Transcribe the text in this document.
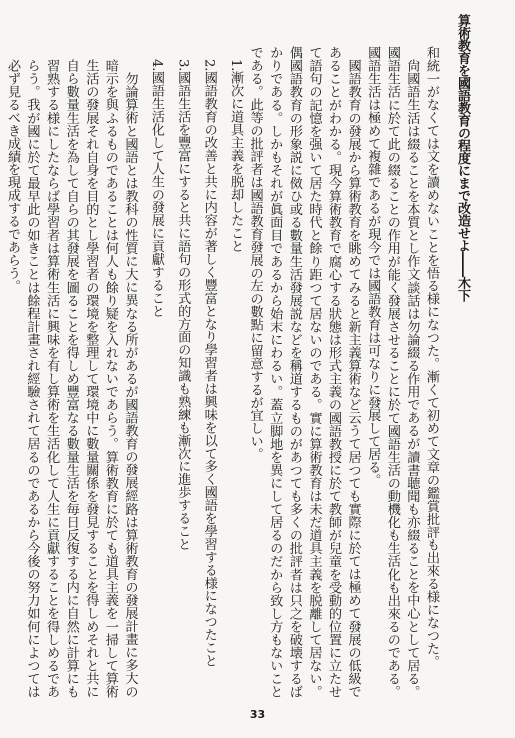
算術教育を國語教育の程度にまで改造せよ――木下

和統一がなくては文を讀めないことを悟る様になつた。漸くて初めて文章の鑑賞批評も出來る様になつた。

尙國語生活は綴ることを本質とし作文談話は勿論綴る作用であるが讀書聴聞も亦綴ることを中心として居る。國語生活に於て此の綴ることの作用が能く發展させることに於て國語生活の動機化も生活化も出來るのである。國語生活は極めて複雜であるが現今では國語教育は可なりに發展して居る。

國語教育の發展から算術教育を眺めてみると新主義算術など云うて居つても實際に於ては極めて發展の低級であることがわかる。現今算術教育で腐心する狀態は形式主義の國語教授に於て教師が兒童を受動的位置に立たせて語句の記憶を强いて居た時代と餘り距つて居ないのである。實に算術教育は未だ道具主義を脱離して居ない。偶國語教育の形象説に傚ひ或る數量生活發展説などを稱道するものがあつても多くの批評者は只之を破壊するばかりである。しかもそれが眞面目であるから始末にわるい。蓋立脚地を異にして居るのだから致し方もないことである。此等の批評者は國語教育發展の左の數點に留意するが宜しい。

1.漸次に道具主義を脱却したこと

2.國語教育の改善と共に内容が著しく豐富となり學習者は興味を以て多く國語を學習する様になつたこと

3.國語生活を豐富にすると共に語句の形式的方面の知識も熟練も漸次に進歩すること

4.國語生活化して人生の發展に貢獻すること

勿論算術と國語とは教科の性質に大に異なる所があるが國語教育の發展經路は算術教育の發展計畫に多大の暗示を與ふるものであることは何人も餘り疑を入れないであらう。算術教育に於ても道具主義を一掃して算術生活の發展それ自身を目的とし學習者の環境を整理して環境中に數量關係を發見することを得しめそれと共に自ら數量生活を為して自らの其發展を圖ることを得しめ豐富なる數量生活を毎日反復する内に自然に計算にも習熟する様にしたならば學習者は算術生活に興味を有し算術を生活化して人生に貢獻することを得しめるであらう。我が國に於て最早此の如きことは餘程計畫され經驗されて居るのであるから今後の努力如何によつては必ず見るべき成績を現成するであらう。

33
